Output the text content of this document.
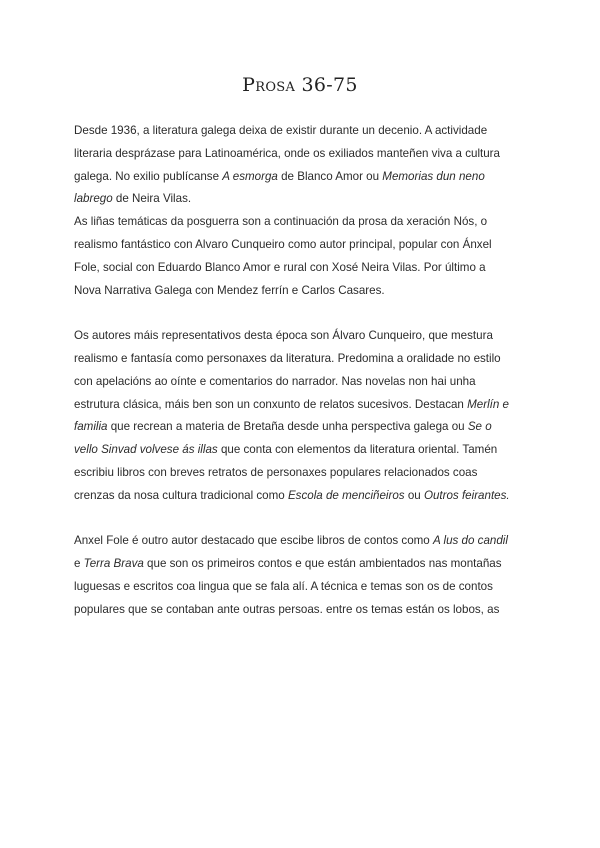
Prosa 36-75
Desde 1936, a literatura galega deixa de existir durante un decenio. A actividade
literaria desprázase para Latinoamérica, onde os exiliados manteñen viva a cultura
galega. No exilio publícanse A esmorga de Blanco Amor ou Memorias dun neno
labrego de Neira Vilas.
As liñas temáticas da posguerra son a continuación da prosa da xeración Nós, o
realismo fantástico con Alvaro Cunqueiro como autor principal, popular con Ánxel
Fole, social con Eduardo Blanco Amor e rural con Xosé Neira Vilas. Por último a
Nova Narrativa Galega con Mendez ferrín e Carlos Casares.
Os autores máis representativos desta época son Álvaro Cunqueiro, que mestura
realismo e fantasía como personaxes da literatura. Predomina a oralidade no estilo
con apelacións ao oínte e comentarios do narrador. Nas novelas non hai unha
estrutura clásica, máis ben son un conxunto de relatos sucesivos. Destacan Merlín e
familia que recrean a materia de Bretaña desde unha perspectiva galega ou Se o
vello Sinvad volvese ás illas que conta con elementos da literatura oriental. Tamén
escribiu libros con breves retratos de personaxes populares relacionados coas
crenzas da nosa cultura tradicional como Escola de menciñeiros ou Outros feirantes.
Anxel Fole é outro autor destacado que escibe libros de contos como A lus do candil
e Terra Brava que son os primeiros contos e que están ambientados nas montañas
luguesas e escritos coa lingua que se fala alí. A técnica e temas son os de contos
populares que se contaban ante outras persoas. entre os temas están os lobos, as
